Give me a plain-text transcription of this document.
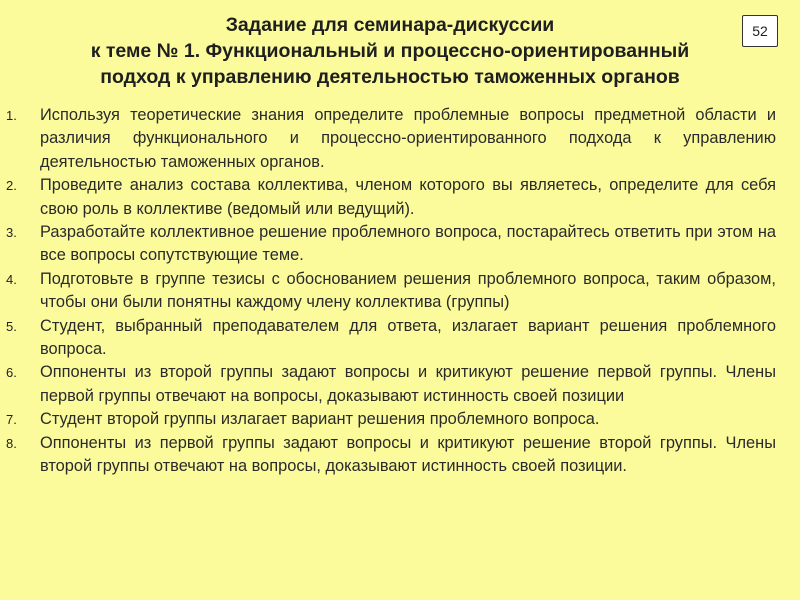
Задание для семинара-дискуссии
к теме № 1. Функциональный и процессно-ориентированный
подход к управлению деятельностью таможенных органов
52
1.	Используя теоретические знания определите проблемные вопросы предметной области и различия функционального и процессно-ориентированного подхода к управлению деятельностью таможенных органов.
2.	Проведите анализ состава коллектива, членом которого вы являетесь, определите для себя свою роль в коллективе (ведомый или ведущий).
3.	Разработайте коллективное решение проблемного вопроса, постарайтесь ответить при этом на все вопросы сопутствующие теме.
4.	Подготовьте в группе тезисы с обоснованием решения проблемного вопроса, таким образом, чтобы они были понятны каждому члену коллектива (группы)
5.	Студент, выбранный преподавателем для ответа, излагает вариант решения проблемного вопроса.
6.	Оппоненты из второй группы задают вопросы и критикуют решение первой группы. Члены первой группы отвечают на вопросы, доказывают истинность своей позиции
7.	Студент второй группы излагает вариант решения проблемного вопроса.
8.	Оппоненты из первой группы задают вопросы и критикуют решение второй группы. Члены второй группы отвечают на вопросы, доказывают истинность своей позиции.
